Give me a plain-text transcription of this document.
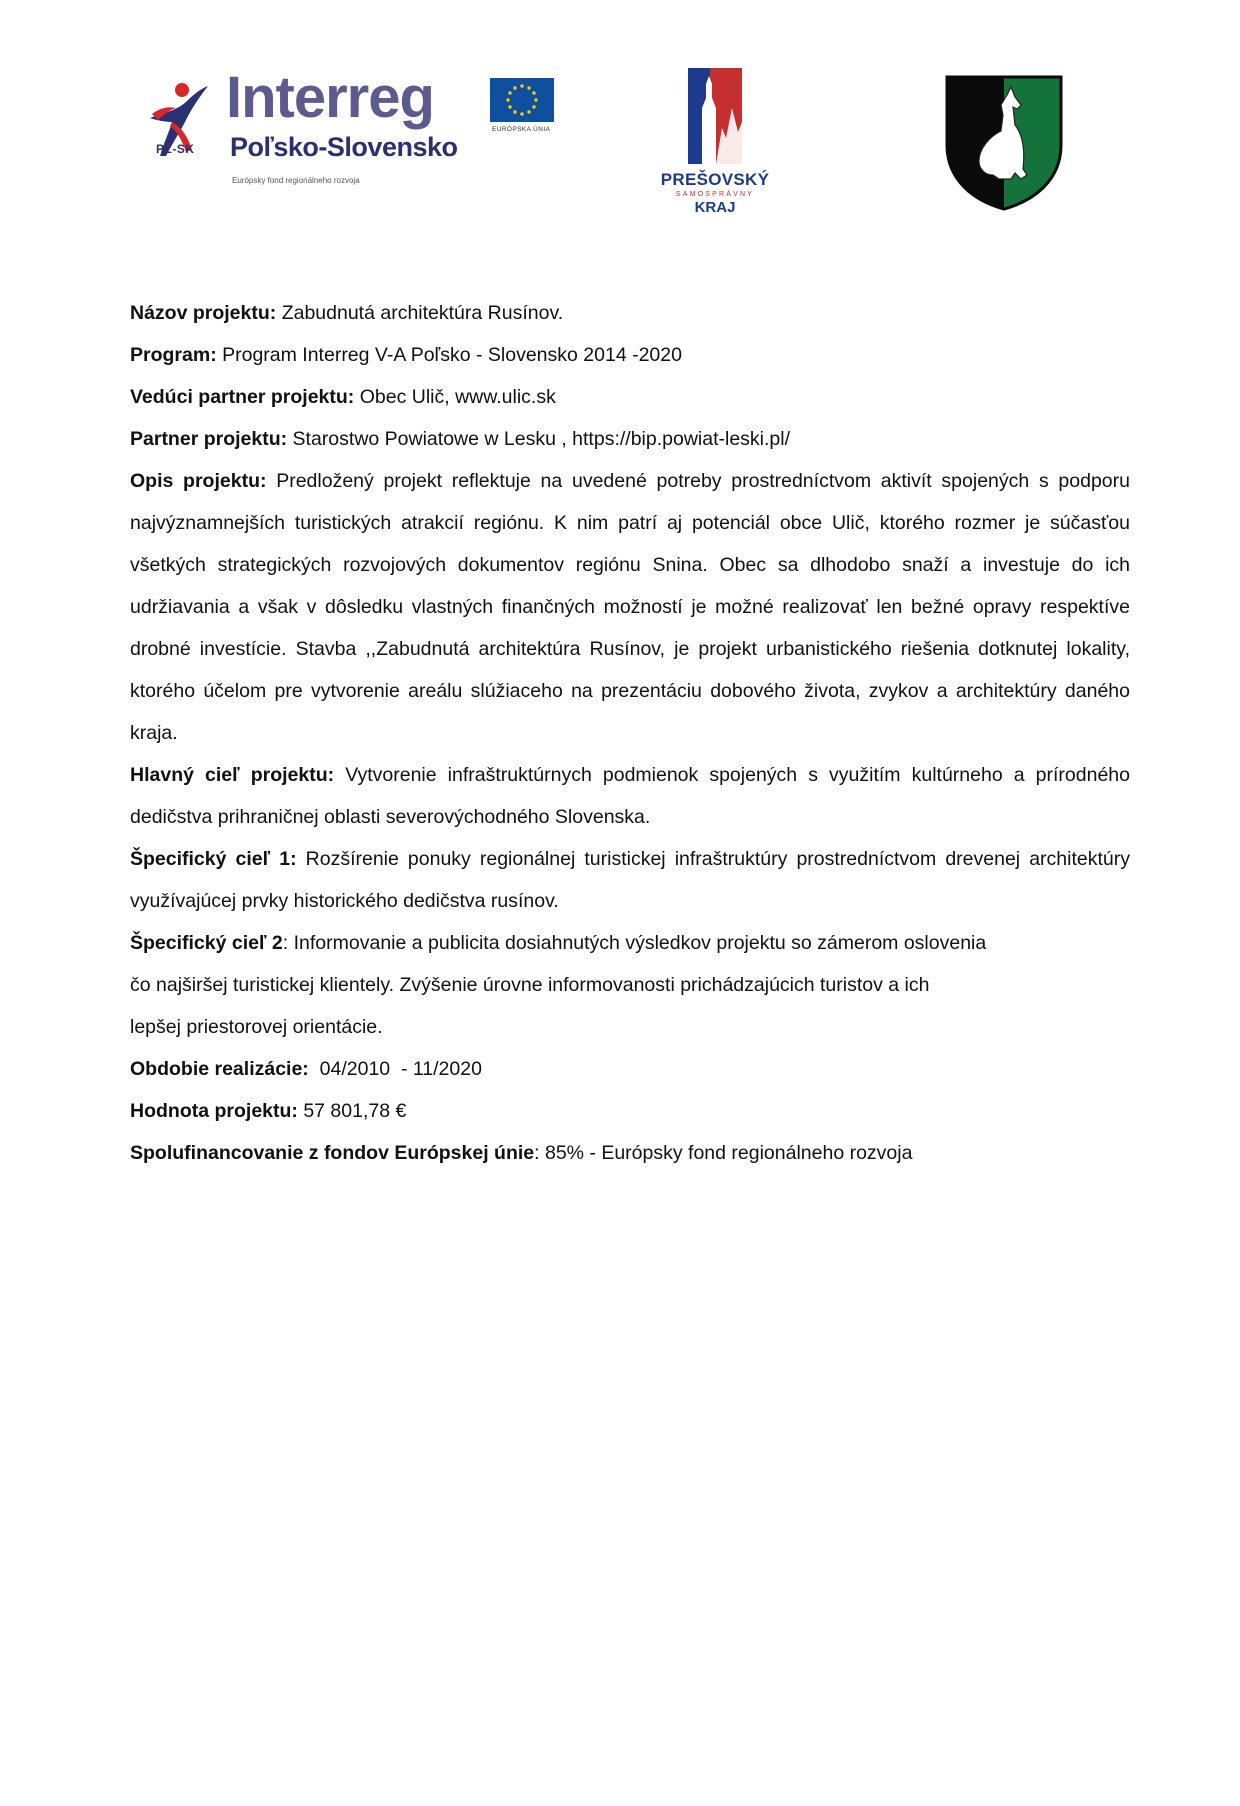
PL-SK
Interreg
Poľsko-Slovensko
Európsky fond regionálneho rozvoja
EURÓPSKA ÚNIA
PREŠOVSKÝ
SAMOSPRÁVNY
KRAJ

Názov projektu: Zabudnutá architektúra Rusínov.

Program: Program Interreg V-A Poľsko - Slovensko 2014 -2020

Vedúci partner projektu: Obec Ulič, www.ulic.sk

Partner projektu: Starostwo Powiatowe w Lesku , https://bip.powiat-leski.pl/

Opis projektu: Predložený projekt reflektuje na uvedené potreby prostredníctvom aktivít spojených s podporu najvýznamnejších turistických atrakcií regiónu. K nim patrí aj potenciál obce Ulič, ktorého rozmer je súčasťou všetkých strategických rozvojových dokumentov regiónu Snina. Obec sa dlhodobo snaží a investuje do ich udržiavania a však v dôsledku vlastných finančných možností je možné realizovať len bežné opravy respektíve drobné investície. Stavba ,,Zabudnutá architektúra Rusínov, je projekt urbanistického riešenia dotknutej lokality, ktorého účelom pre vytvorenie areálu slúžiaceho na prezentáciu dobového života, zvykov a architektúry daného kraja.

Hlavný cieľ projektu: Vytvorenie infraštruktúrnych podmienok spojených s využitím kultúrneho a prírodného dedičstva prihraničnej oblasti severovýchodného Slovenska.

Špecifický cieľ 1: Rozšírenie ponuky regionálnej turistickej infraštruktúry prostredníctvom drevenej architektúry využívajúcej prvky historického dedičstva rusínov.

Špecifický cieľ 2: Informovanie a publicita dosiahnutých výsledkov projektu so zámerom oslovenia
čo najširšej turistickej klientely. Zvýšenie úrovne informovanosti prichádzajúcich turistov a ich
lepšej priestorovej orientácie.

Obdobie realizácie:  04/2010  - 11/2020

Hodnota projektu: 57 801,78 €

Spolufinancovanie z fondov Európskej únie: 85% - Európsky fond regionálneho rozvoja
